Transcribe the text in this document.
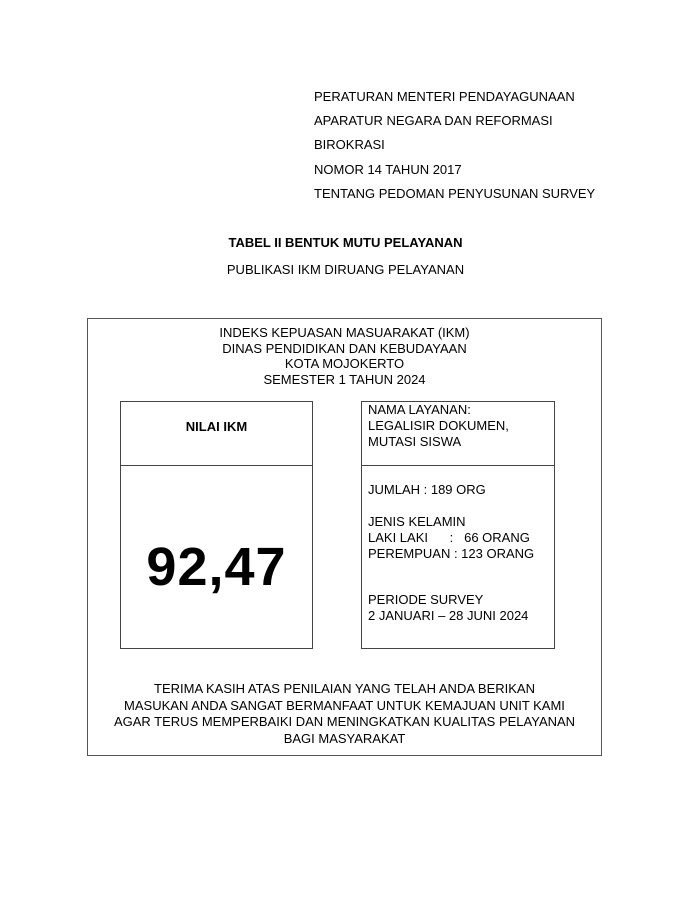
PERATURAN MENTERI PENDAYAGUNAAN
APARATUR NEGARA DAN REFORMASI
BIROKRASI
NOMOR 14 TAHUN 2017
TENTANG PEDOMAN PENYUSUNAN SURVEY
TABEL II BENTUK MUTU PELAYANAN
PUBLIKASI IKM DIRUANG PELAYANAN
INDEKS KEPUASAN MASUARAKAT (IKM)
DINAS PENDIDIKAN DAN KEBUDAYAAN
KOTA MOJOKERTO
SEMESTER 1 TAHUN 2024
NILAI IKM
92,47
NAMA LAYANAN:
LEGALISIR DOKUMEN,
MUTASI SISWA
JUMLAH : 189 ORG
JENIS KELAMIN
LAKI LAKI      :   66 ORANG
PEREMPUAN : 123 ORANG
PERIODE SURVEY
2 JANUARI – 28 JUNI 2024
TERIMA KASIH ATAS PENILAIAN YANG TELAH ANDA BERIKAN
MASUKAN ANDA SANGAT BERMANFAAT UNTUK KEMAJUAN UNIT KAMI
AGAR TERUS MEMPERBAIKI DAN MENINGKATKAN KUALITAS PELAYANAN
BAGI MASYARAKAT
